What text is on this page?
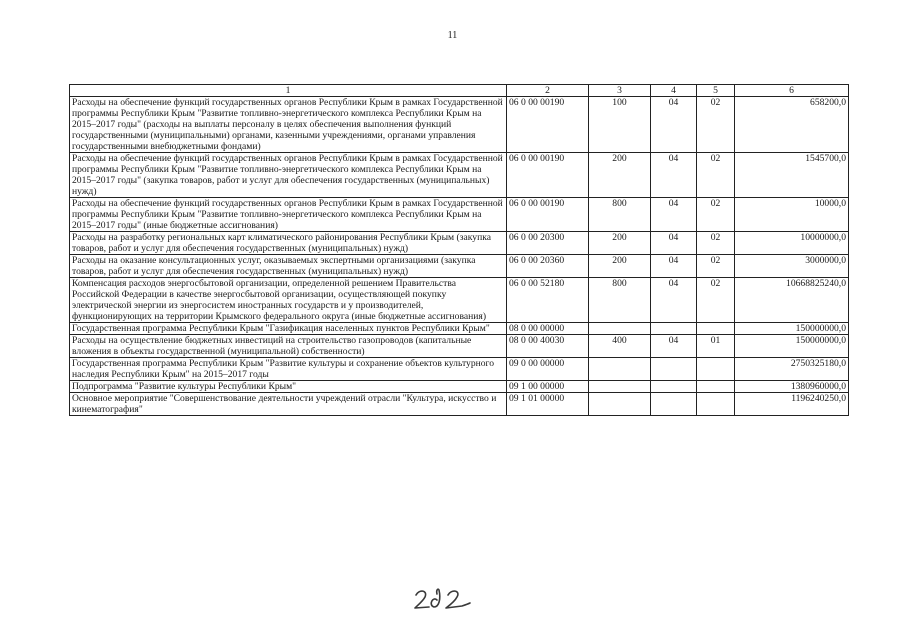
11
1	2	3	4	5	6
Расходы на обеспечение функций государственных органов Республики Крым в рамках Государственной программы Республики Крым "Развитие топливно-энергетического комплекса Республики Крым на 2015–2017 годы" (расходы на выплаты персоналу в целях обеспечения выполнения функций государственными (муниципальными) органами, казенными учреждениями, органами управления государственными внебюджетными фондами)	06 0 00 00190	100	04	02	658200,0
Расходы на обеспечение функций государственных органов Республики Крым в рамках Государственной программы Республики Крым "Развитие топливно-энергетического комплекса Республики Крым на 2015–2017 годы" (закупка товаров, работ и услуг для обеспечения государственных (муниципальных) нужд)	06 0 00 00190	200	04	02	1545700,0
Расходы на обеспечение функций государственных органов Республики Крым в рамках Государственной программы Республики Крым "Развитие топливно-энергетического комплекса Республики Крым на 2015–2017 годы" (иные бюджетные ассигнования)	06 0 00 00190	800	04	02	10000,0
Расходы на разработку региональных карт климатического районирования Республики Крым (закупка товаров, работ и услуг для обеспечения государственных (муниципальных) нужд)	06 0 00 20300	200	04	02	10000000,0
Расходы на оказание консультационных услуг, оказываемых экспертными организациями (закупка товаров, работ и услуг для обеспечения государственных (муниципальных) нужд)	06 0 00 20360	200	04	02	3000000,0
Компенсация расходов энергосбытовой организации, определенной решением Правительства Российской Федерации в качестве энергосбытовой организации, осуществляющей покупку электрической энергии из энергосистем иностранных государств и у производителей, функционирующих на территории Крымского федерального округа (иные бюджетные ассигнования)	06 0 00 52180	800	04	02	10668825240,0
Государственная программа Республики Крым "Газификация населенных пунктов Республики Крым"	08 0 00 00000				150000000,0
Расходы на осуществление бюджетных инвестиций на строительство газопроводов (капитальные вложения в объекты государственной (муниципальной) собственности)	08 0 00 40030	400	04	01	150000000,0
Государственная программа Республики Крым "Развитие культуры и сохранение объектов культурного наследия Республики Крым" на 2015–2017 годы	09 0 00 00000				2750325180,0
Подпрограмма "Развитие культуры Республики Крым"	09 1 00 00000				1380960000,0
Основное мероприятие "Совершенствование деятельности учреждений отрасли "Культура, искусство и кинематография"	09 1 01 00000				1196240250,0
